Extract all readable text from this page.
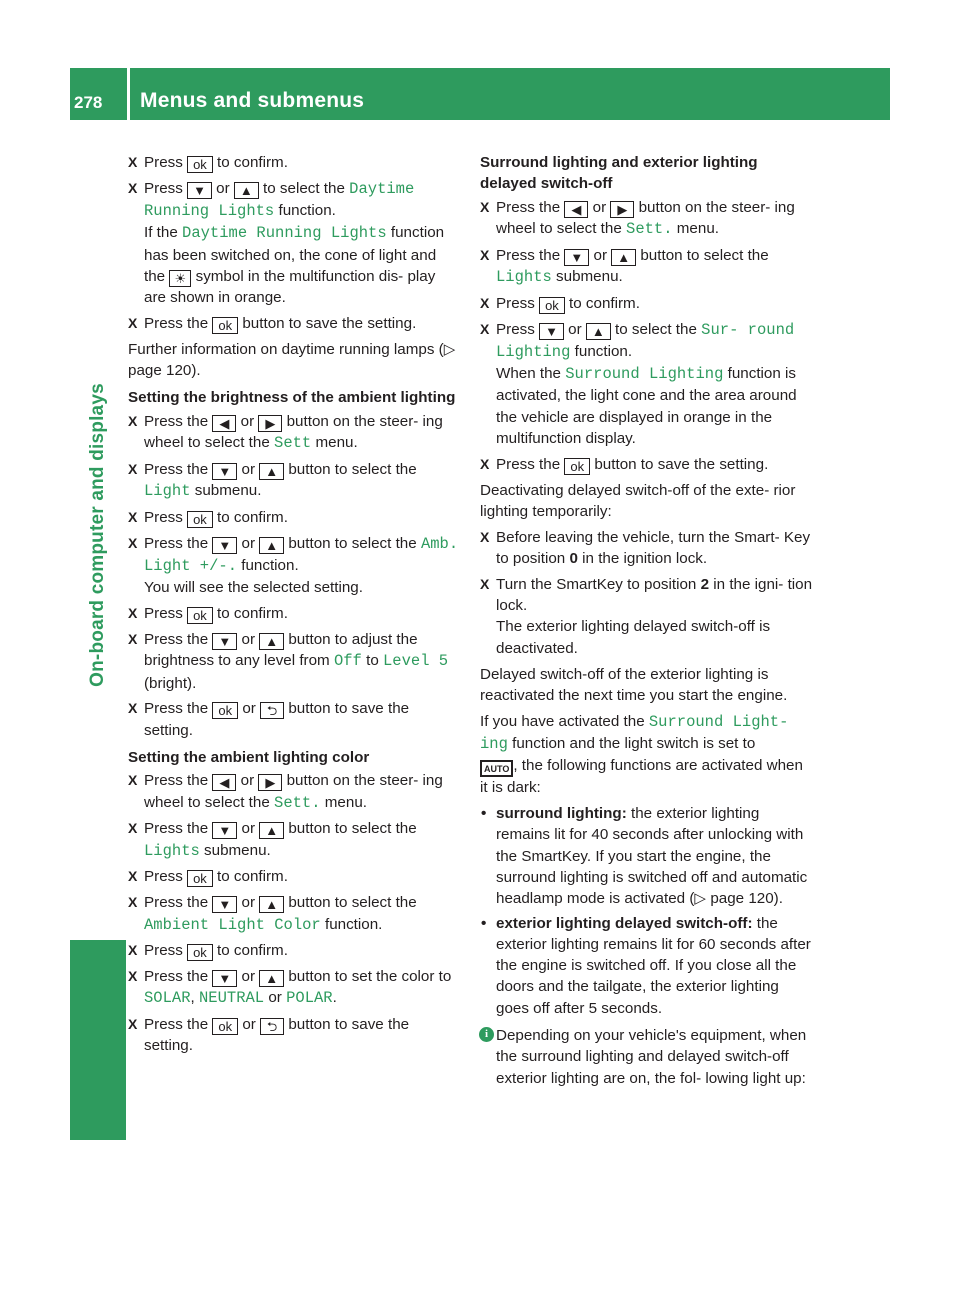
278	Menus and submenus
On-board computer and displays
X Press ok to confirm.
X Press ▼ or ▲ to select the Daytime Running Lights function.
If the Daytime Running Lights function has been switched on, the cone of light and the ☀ symbol in the multifunction dis‑ play are shown in orange.
X Press the ok button to save the setting.
Further information on daytime running lamps (▷ page 120).
Setting the brightness of the ambient lighting
X Press the ◀ or ▶ button on the steer‑ ing wheel to select the Sett menu.
X Press the ▼ or ▲ button to select the Light submenu.
X Press ok to confirm.
X Press the ▼ or ▲ button to select the Amb. Light +/-. function.
You will see the selected setting.
X Press ok to confirm.
X Press the ▼ or ▲ button to adjust the brightness to any level from Off to Level 5 (bright).
X Press the ok or ⮌ button to save the setting.
Setting the ambient lighting color
X Press the ◀ or ▶ button on the steer‑ ing wheel to select the Sett. menu.
X Press the ▼ or ▲ button to select the Lights submenu.
X Press ok to confirm.
X Press the ▼ or ▲ button to select the Ambient Light Color function.
X Press ok to confirm.
X Press the ▼ or ▲ button to set the color to SOLAR, NEUTRAL or POLAR.
X Press the ok or ⮌ button to save the setting.
Surround lighting and exterior lighting delayed switch-off
X Press the ◀ or ▶ button on the steer‑ ing wheel to select the Sett. menu.
X Press the ▼ or ▲ button to select the Lights submenu.
X Press ok to confirm.
X Press ▼ or ▲ to select the Sur‑ round Lighting function.
When the Surround Lighting function is activated, the light cone and the area around the vehicle are displayed in orange in the multifunction display.
X Press the ok button to save the setting.
Deactivating delayed switch-off of the exte‑ rior lighting temporarily:
X Before leaving the vehicle, turn the Smart‑ Key to position 0 in the ignition lock.
X Turn the SmartKey to position 2 in the igni‑ tion lock.
The exterior lighting delayed switch-off is deactivated.
Delayed switch-off of the exterior lighting is reactivated the next time you start the engine.
If you have activated the Surround Light‑ ing function and the light switch is set to
AUTO , the following functions are activated when it is dark:
• surround lighting: the exterior lighting remains lit for 40 seconds after unlocking with the SmartKey. If you start the engine, the surround lighting is switched off and automatic headlamp mode is activated (▷ page 120).
• exterior lighting delayed switch-off: the exterior lighting remains lit for 60 seconds after the engine is switched off. If you close all the doors and the tailgate, the exterior lighting goes off after 5 seconds.
i Depending on your vehicle's equipment, when the surround lighting and delayed switch-off exterior lighting are on, the fol‑ lowing light up:
